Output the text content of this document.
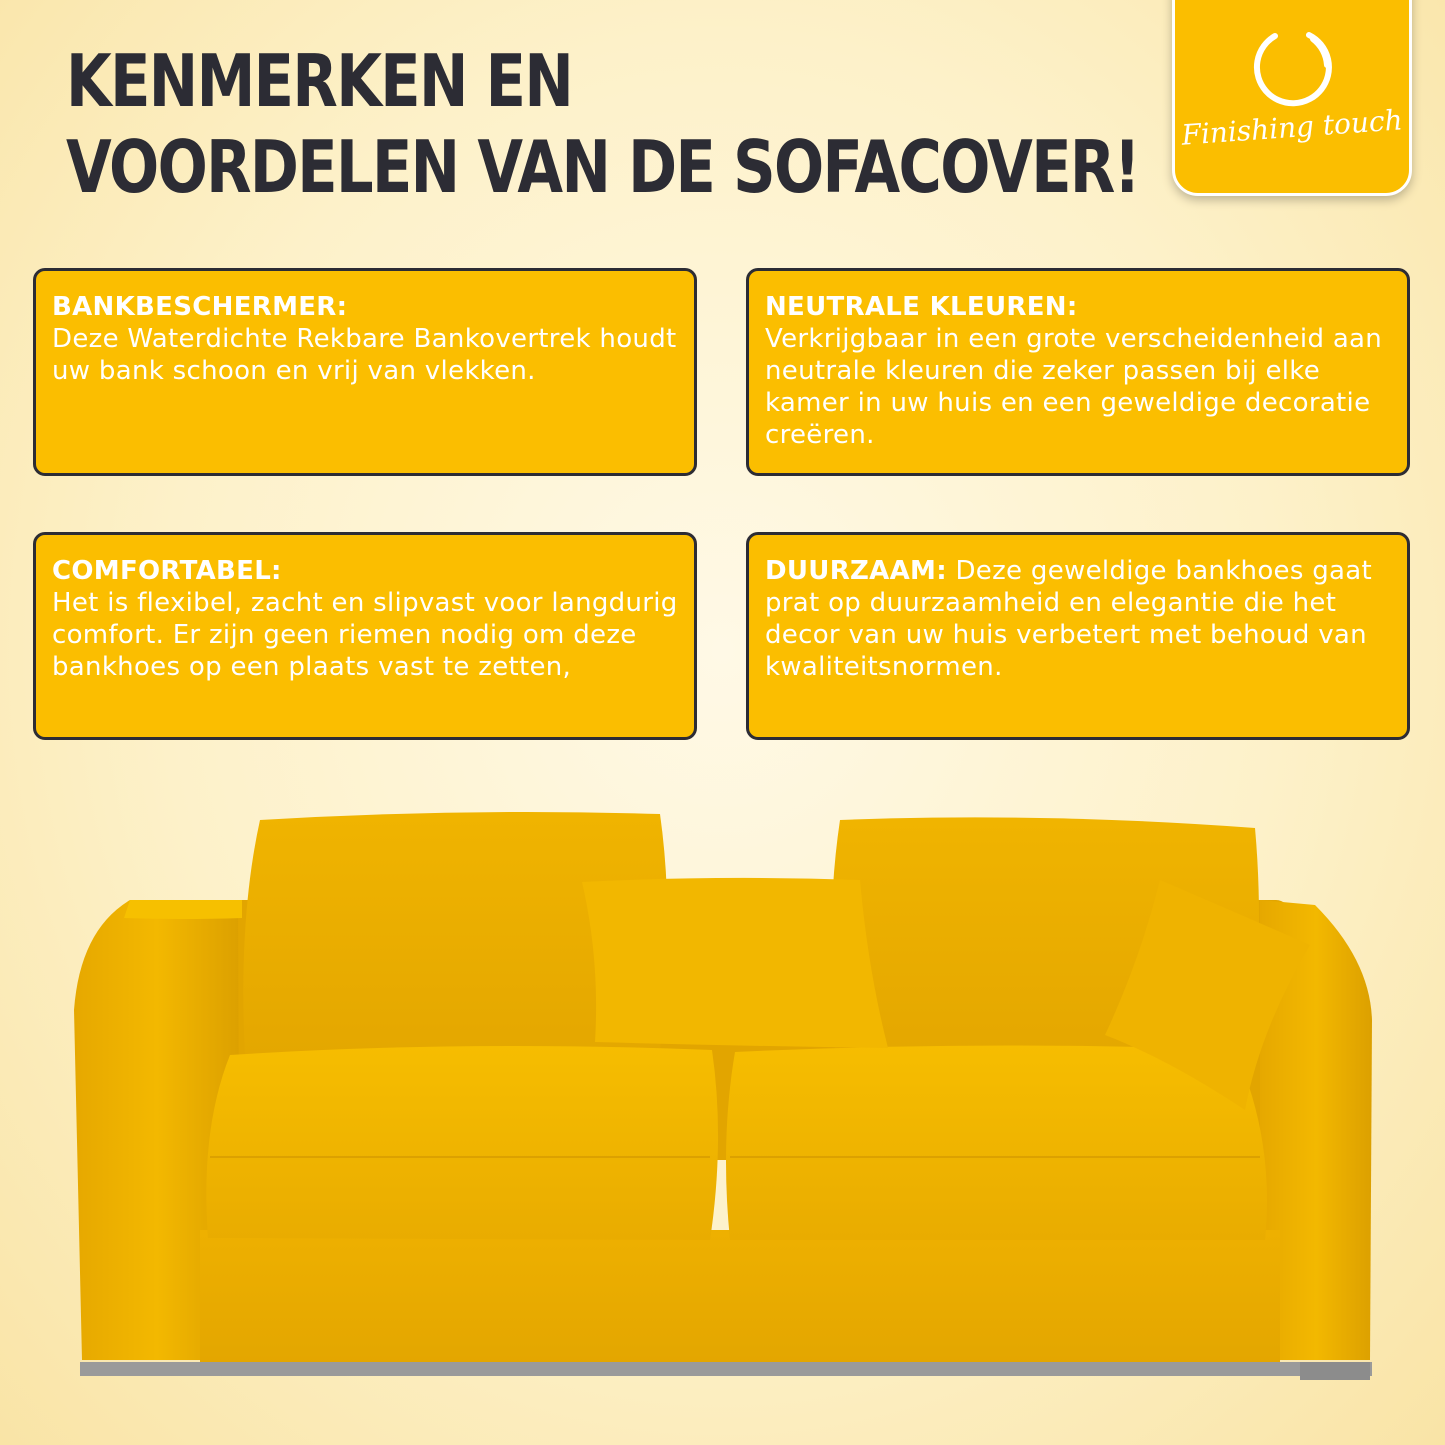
KENMERKEN EN
VOORDELEN VAN DE SOFACOVER! Finishing touch
BANKBESCHERMER:
Deze Waterdichte Rekbare Bankovertrek houdt uw bank schoon en vrij van vlekken.
NEUTRALE KLEUREN:
Verkrijgbaar in een grote verscheidenheid aan neutrale kleuren die zeker passen bij elke kamer in uw huis en een geweldige decoratie creëren.
COMFORTABEL:
Het is flexibel, zacht en slipvast voor langdurig comfort. Er zijn geen riemen nodig om deze bankhoes op een plaats vast te zetten,
DUURZAAM: Deze geweldige bankhoes gaat prat op duurzaamheid en elegantie die het decor van uw huis verbetert met behoud van kwaliteitsnormen.
